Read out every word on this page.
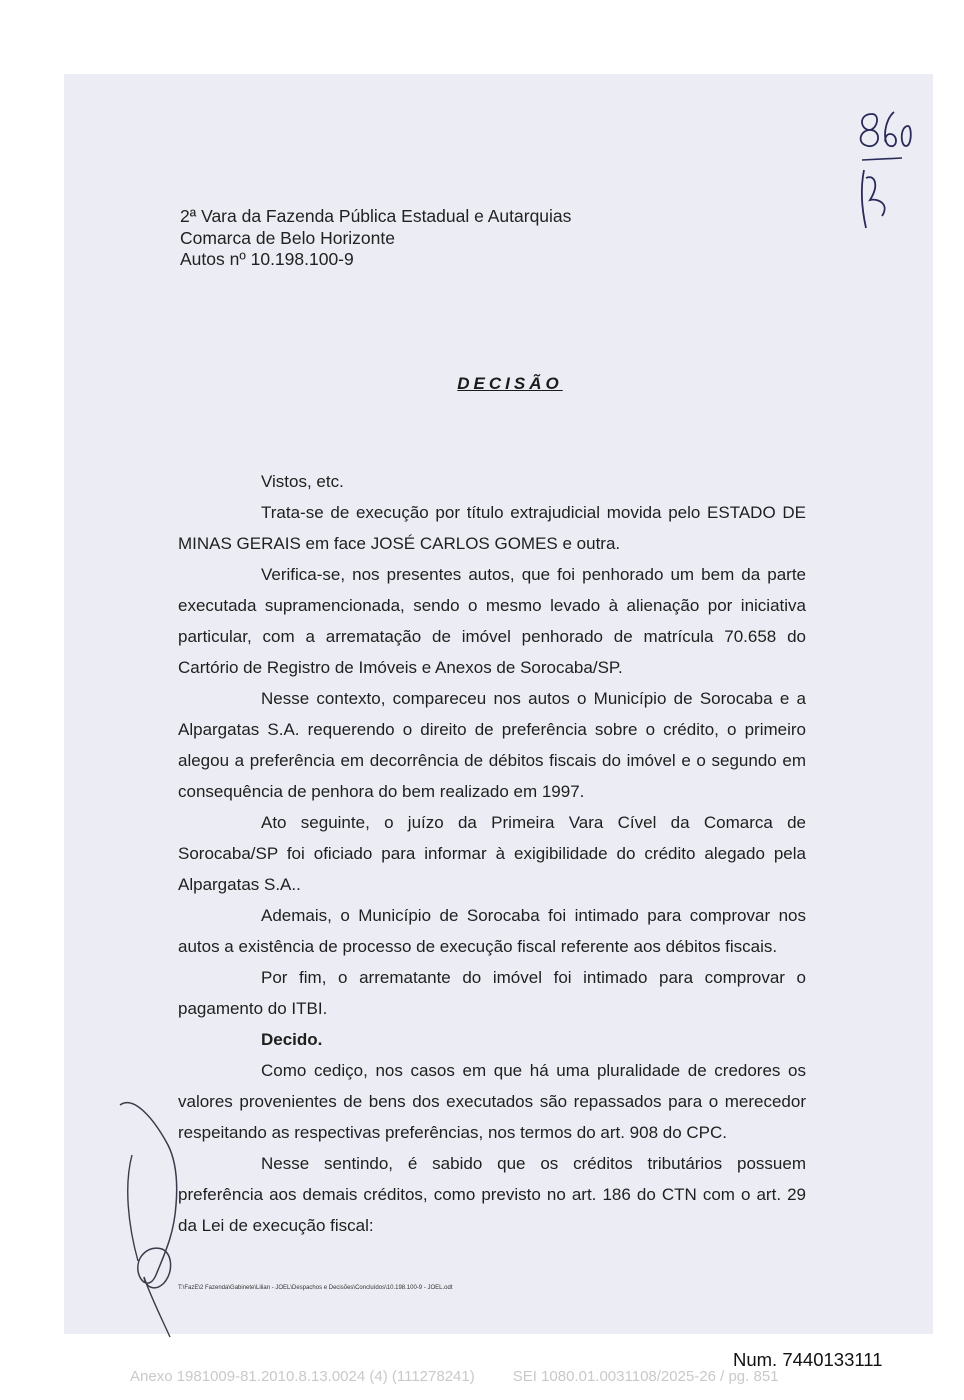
2ª Vara da Fazenda Pública Estadual e Autarquias
Comarca de Belo Horizonte
Autos nº 10.198.100-9
DECISÃO

Vistos, etc.

Trata-se de execução por título extrajudicial movida pelo ESTADO DE MINAS GERAIS em face JOSÉ CARLOS GOMES e outra.

Verifica-se, nos presentes autos, que foi penhorado um bem da parte executada supramencionada, sendo o mesmo levado à alienação por iniciativa particular, com a arrematação de imóvel penhorado de matrícula 70.658 do Cartório de Registro de Imóveis e Anexos de Sorocaba/SP.

Nesse contexto, compareceu nos autos o Município de Sorocaba e a Alpargatas S.A. requerendo o direito de preferência sobre o crédito, o primeiro alegou a preferência em decorrência de débitos fiscais do imóvel e o segundo em consequência de penhora do bem realizado em 1997.

Ato seguinte, o juízo da Primeira Vara Cível da Comarca de Sorocaba/SP foi oficiado para informar à exigibilidade do crédito alegado pela Alpargatas S.A..

Ademais, o Município de Sorocaba foi intimado para comprovar nos autos a existência de processo de execução fiscal referente aos débitos fiscais.

Por fim, o arrematante do imóvel foi intimado para comprovar o pagamento do ITBI.

Decido.

Como cediço, nos casos em que há uma pluralidade de credores os valores provenientes de bens dos executados são repassados para o merecedor respeitando as respectivas preferências, nos termos do art. 908 do CPC.

Nesse sentindo, é sabido que os créditos tributários possuem preferência aos demais créditos, como previsto no art. 186 do CTN com o art. 29 da Lei de execução fiscal:

T:\FazE\2 Fazenda\Gabinete\Lilian - JOEL\Despachos e Decisões\Concluídos\10.198.100-9 - JOEL.odt
Num. 7440133111
Anexo 1981009-81.2010.8.13.0024 (4) (111278241)	SEI 1080.01.0031108/2025-26 / pg. 851
